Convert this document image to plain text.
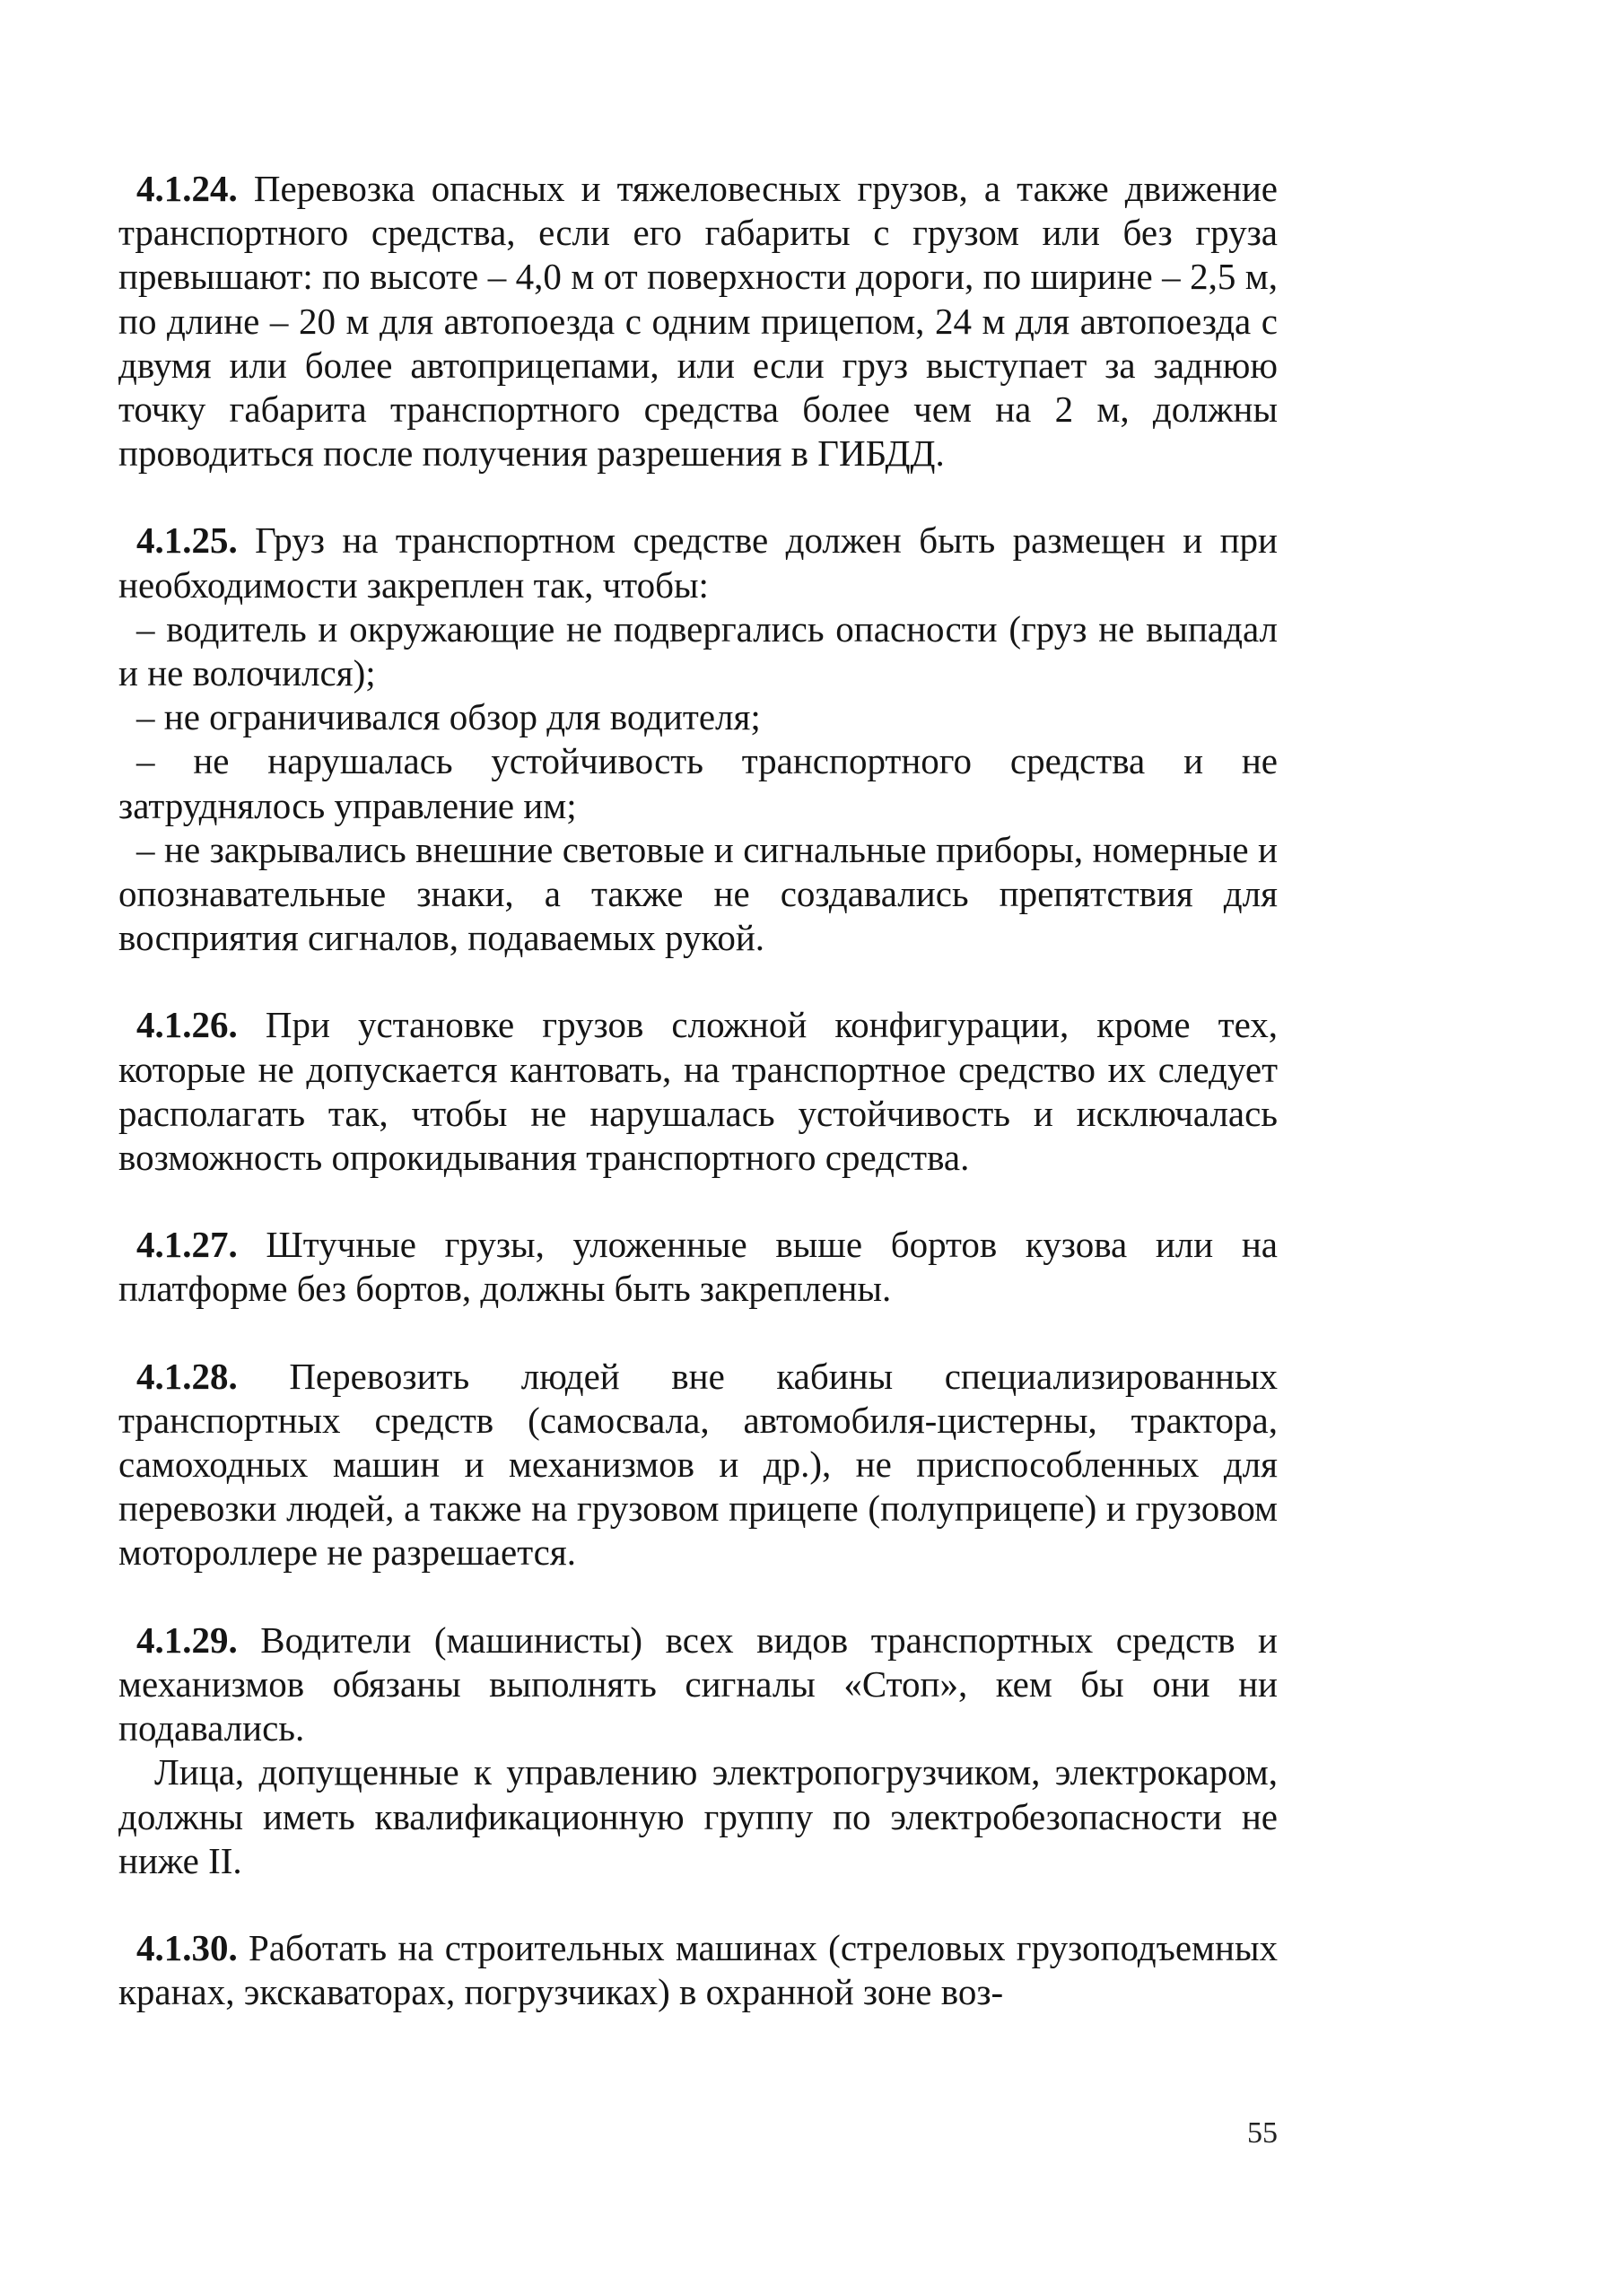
4.1.24. Перевозка опасных и тяжеловесных грузов, а также движение транспортного средства, если его габариты с грузом или без груза превышают: по высоте – 4,0 м от поверхности дороги, по ширине – 2,5 м, по длине – 20 м для автопоезда с одним прицепом, 24 м для автопоезда с двумя или более автоприцепами, или если груз выступает за заднюю точку габарита транспортного средства более чем на 2 м, должны проводиться после получения разрешения в ГИБДД.

4.1.25. Груз на транспортном средстве должен быть размещен и при необходимости закреплен так, чтобы:

– водитель и окружающие не подвергались опасности (груз не выпадал и не волочился);

– не ограничивался обзор для водителя;

– не нарушалась устойчивость транспортного средства и не затруднялось управление им;

– не закрывались внешние световые и сигнальные приборы, номерные и опознавательные знаки, а также не создавались препятствия для восприятия сигналов, подаваемых рукой.

4.1.26. При установке грузов сложной конфигурации, кроме тех, которые не допускается кантовать, на транспортное средство их следует располагать так, чтобы не нарушалась устойчивость и исключалась возможность опрокидывания транспортного средства.

4.1.27. Штучные грузы, уложенные выше бортов кузова или на платформе без бортов, должны быть закреплены.

4.1.28. Перевозить людей вне кабины специализированных транспортных средств (самосвала, автомобиля-цистерны, трактора, самоходных машин и механизмов и др.), не приспособленных для перевозки людей, а также на грузовом прицепе (полуприцепе) и грузовом мотороллере не разрешается.

4.1.29. Водители (машинисты) всех видов транспортных средств и механизмов обязаны выполнять сигналы «Стоп», кем бы они ни подавались.

Лица, допущенные к управлению электропогрузчиком, электрокаром, должны иметь квалификационную группу по электробезопасности не ниже II.

4.1.30. Работать на строительных машинах (стреловых грузоподъемных кранах, экскаваторах, погрузчиках) в охранной зоне воз-

55
